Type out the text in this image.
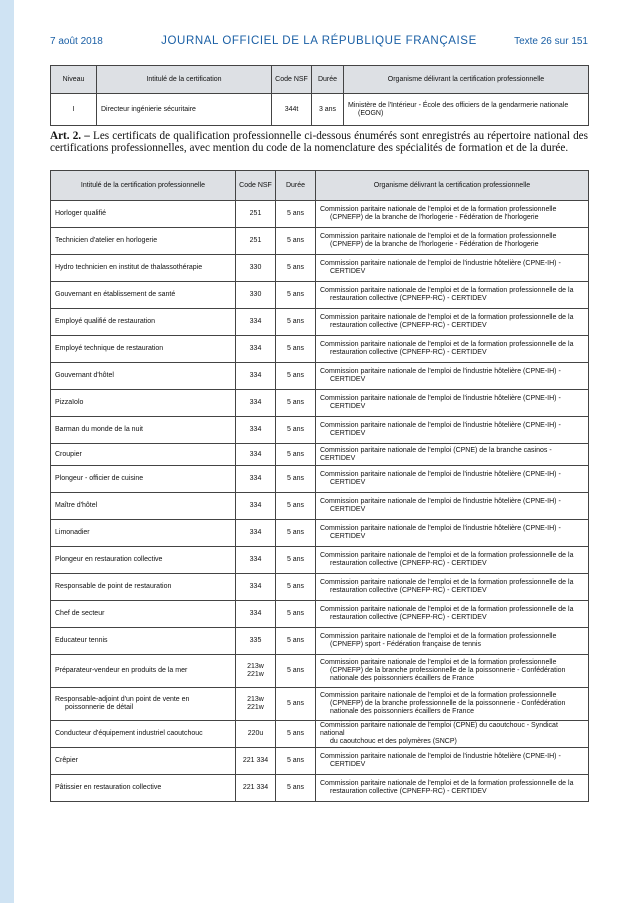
7 août 2018	JOURNAL OFFICIEL DE LA RÉPUBLIQUE FRANÇAISE	Texte 26 sur 151
Niveau	Intitulé de la certification	Code NSF	Durée	Organisme délivrant la certification professionnelle
I	Directeur ingénierie sécuritaire	344t	3 ans	Ministère de l'Intérieur - École des officiers de la gendarmerie nationale
(EOGN)

Art. 2. – Les certificats de qualification professionnelle ci-dessous énumérés sont enregistrés au répertoire national des certifications professionnelles, avec mention du code de la nomenclature des spécialités de formation et de la durée.

Intitulé de la certification professionnelle	Code NSF	Durée	Organisme délivrant la certification professionnelle
Horloger qualifié	251	5 ans	Commission paritaire nationale de l'emploi et de la formation professionnelle
(CPNEFP) de la branche de l'horlogerie - Fédération de l'horlogerie

Technicien d'atelier en horlogerie	251	5 ans	Commission paritaire nationale de l'emploi et de la formation professionnelle
(CPNEFP) de la branche de l'horlogerie - Fédération de l'horlogerie

Hydro technicien en institut de thalassothérapie	330	5 ans	Commission paritaire nationale de l'emploi de l'industrie hôtelière (CPNE-IH) -
CERTIDEV

Gouvernant en établissement de santé	330	5 ans	Commission paritaire nationale de l'emploi et de la formation professionnelle de la
restauration collective (CPNEFP-RC) - CERTIDEV

Employé qualifié de restauration	334	5 ans	Commission paritaire nationale de l'emploi et de la formation professionnelle de la
restauration collective (CPNEFP-RC) - CERTIDEV

Employé technique de restauration	334	5 ans	Commission paritaire nationale de l'emploi et de la formation professionnelle de la
restauration collective (CPNEFP-RC) - CERTIDEV

Gouvernant d'hôtel	334	5 ans	Commission paritaire nationale de l'emploi de l'industrie hôtelière (CPNE-IH) -
CERTIDEV

Pizzaïolo	334	5 ans	Commission paritaire nationale de l'emploi de l'industrie hôtelière (CPNE-IH) -
CERTIDEV

Barman du monde de la nuit	334	5 ans	Commission paritaire nationale de l'emploi de l'industrie hôtelière (CPNE-IH) -
CERTIDEV

Croupier	334	5 ans	Commission paritaire nationale de l'emploi (CPNE) de la branche casinos - CERTIDEV

Plongeur - officier de cuisine	334	5 ans	Commission paritaire nationale de l'emploi de l'industrie hôtelière (CPNE-IH) -
CERTIDEV

Maître d'hôtel	334	5 ans	Commission paritaire nationale de l'emploi de l'industrie hôtelière (CPNE-IH) -
CERTIDEV

Limonadier	334	5 ans	Commission paritaire nationale de l'emploi de l'industrie hôtelière (CPNE-IH) -
CERTIDEV

Plongeur en restauration collective	334	5 ans	Commission paritaire nationale de l'emploi et de la formation professionnelle de la
restauration collective (CPNEFP-RC) - CERTIDEV

Responsable de point de restauration	334	5 ans	Commission paritaire nationale de l'emploi et de la formation professionnelle de la
restauration collective (CPNEFP-RC) - CERTIDEV

Chef de secteur	334	5 ans	Commission paritaire nationale de l'emploi et de la formation professionnelle de la
restauration collective (CPNEFP-RC) - CERTIDEV

Educateur tennis	335	5 ans	Commission paritaire nationale de l'emploi et de la formation professionnelle
(CPNEFP) sport - Fédération française de tennis

Préparateur-vendeur en produits de la mer	213w
221w	5 ans	Commission paritaire nationale de l'emploi et de la formation professionnelle
(CPNEFP) de la branche professionnelle de la poissonnerie - Confédération
nationale des poissonniers écaillers de France

Responsable-adjoint d'un point de vente en
poissonnerie de détail	213w
221w	5 ans	Commission paritaire nationale de l'emploi et de la formation professionnelle
(CPNEFP) de la branche professionnelle de la poissonnerie - Confédération
nationale des poissonniers écaillers de France

Conducteur d'équipement industriel caoutchouc	220u	5 ans	Commission paritaire nationale de l'emploi (CPNE) du caoutchouc - Syndicat national
du caoutchouc et des polymères (SNCP)

Crêpier	221 334	5 ans	Commission paritaire nationale de l'emploi de l'industrie hôtelière (CPNE-IH) -
CERTIDEV

Pâtissier en restauration collective	221 334	5 ans	Commission paritaire nationale de l'emploi et de la formation professionnelle de la
restauration collective (CPNEFP-RC) - CERTIDEV
